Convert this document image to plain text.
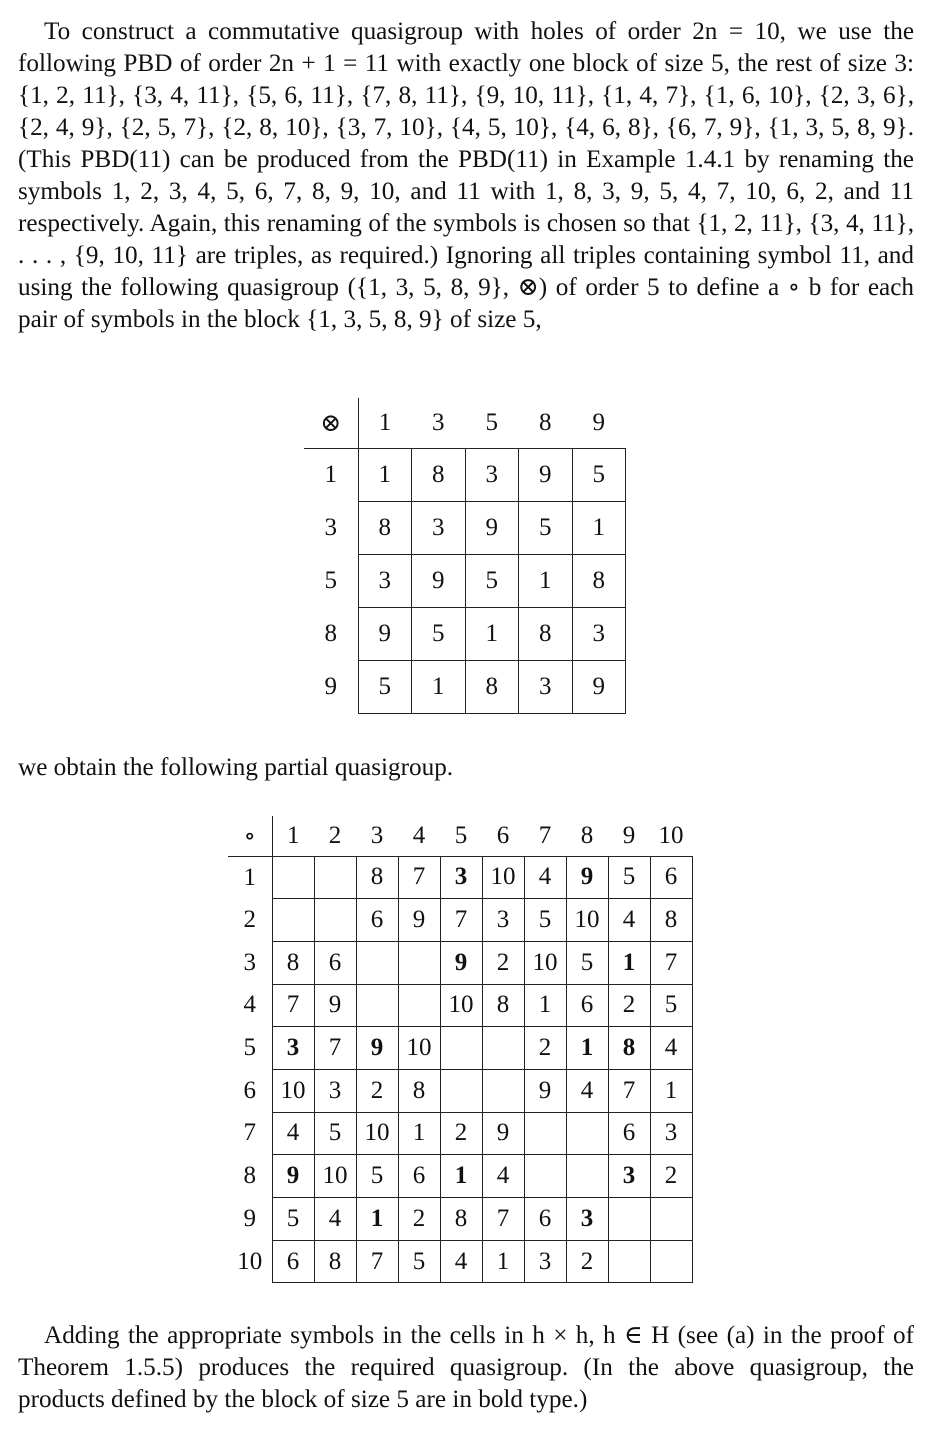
To construct a commutative quasigroup with holes of order 2n = 10, we use the following PBD of order 2n + 1 = 11 with exactly one block of size 5, the rest of size 3: {1, 2, 11}, {3, 4, 11}, {5, 6, 11}, {7, 8, 11}, {9, 10, 11}, {1, 4, 7}, {1, 6, 10}, {2, 3, 6}, {2, 4, 9}, {2, 5, 7}, {2, 8, 10}, {3, 7, 10}, {4, 5, 10}, {4, 6, 8}, {6, 7, 9}, {1, 3, 5, 8, 9}. (This PBD(11) can be produced from the PBD(11) in Example 1.4.1 by renaming the symbols 1, 2, 3, 4, 5, 6, 7, 8, 9, 10, and 11 with 1, 8, 3, 9, 5, 4, 7, 10, 6, 2, and 11 respectively. Again, this renaming of the symbols is chosen so that {1, 2, 11}, {3, 4, 11}, . . . , {9, 10, 11} are triples, as required.) Ignoring all triples containing symbol 11, and using the following quasigroup ({1, 3, 5, 8, 9}, ⊗) of order 5 to define a ∘ b for each pair of symbols in the block {1, 3, 5, 8, 9} of size 5,

⊗	1	3	5	8	9
1	1	8	3	9	5
3	8	3	9	5	1
5	3	9	5	1	8
8	9	5	1	8	3
9	5	1	8	3	9

we obtain the following partial quasigroup.

∘	1	2	3	4	5	6	7	8	9	10
1			8	7	3	10	4	9	5	6
2			6	9	7	3	5	10	4	8
3	8	6			9	2	10	5	1	7
4	7	9			10	8	1	6	2	5
5	3	7	9	10			2	1	8	4
6	10	3	2	8			9	4	7	1
7	4	5	10	1	2	9			6	3
8	9	10	5	6	1	4			3	2
9	5	4	1	2	8	7	6	3		
10	6	8	7	5	4	1	3	2		

Adding the appropriate symbols in the cells in h × h, h ∈ H (see (a) in the proof of Theorem 1.5.5) produces the required quasigroup. (In the above quasigroup, the products defined by the block of size 5 are in bold type.)
